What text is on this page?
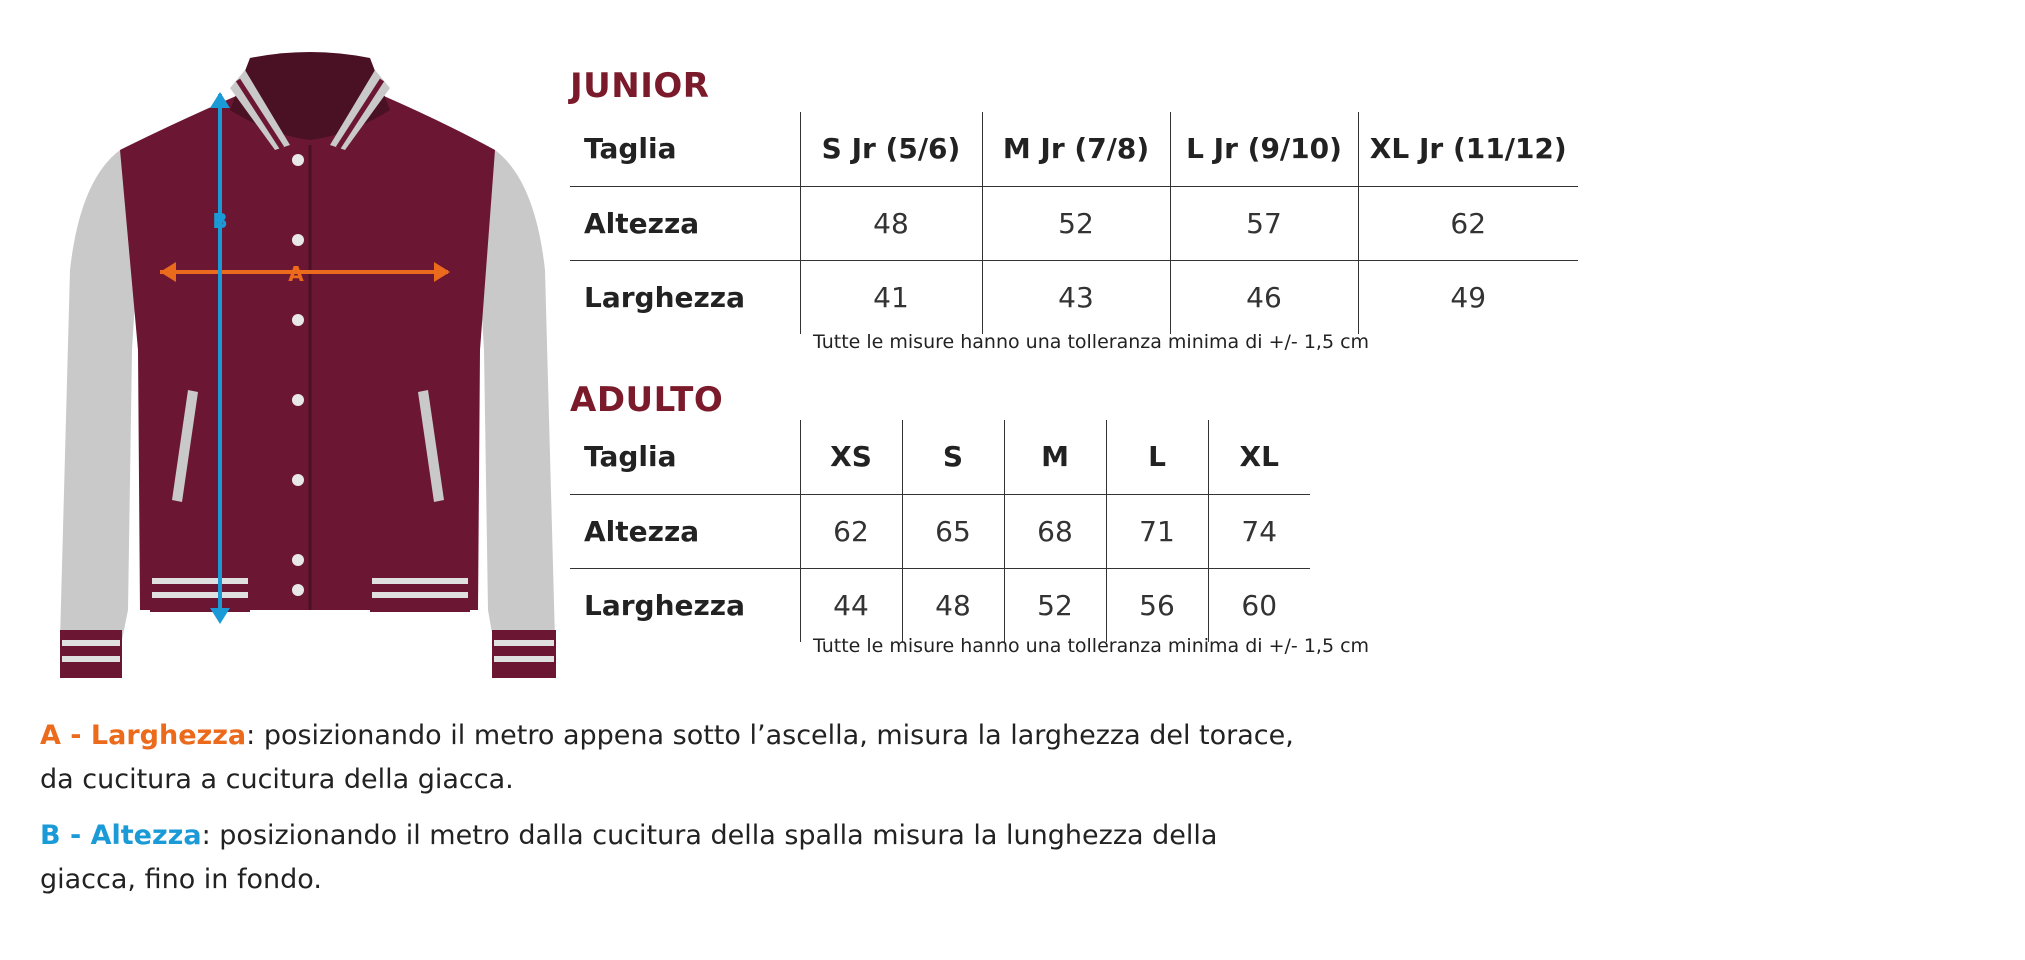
A
B
JUNIOR
Taglia	S Jr (5/6)	M Jr (7/8)	L Jr (9/10)	XL Jr (11/12)
Altezza	48	52	57	62
Larghezza	41	43	46	49
Tutte le misure hanno una tolleranza minima di +/- 1,5 cm
ADULTO
Taglia	XS	S	M	L	XL
Altezza	62	65	68	71	74
Larghezza	44	48	52	56	60
Tutte le misure hanno una tolleranza minima di +/- 1,5 cm
A - Larghezza: posizionando il metro appena sotto l’ascella, misura la larghezza del torace,
da cucitura a cucitura della giacca.
B - Altezza: posizionando il metro dalla cucitura della spalla misura la lunghezza della
giacca, fino in fondo.
